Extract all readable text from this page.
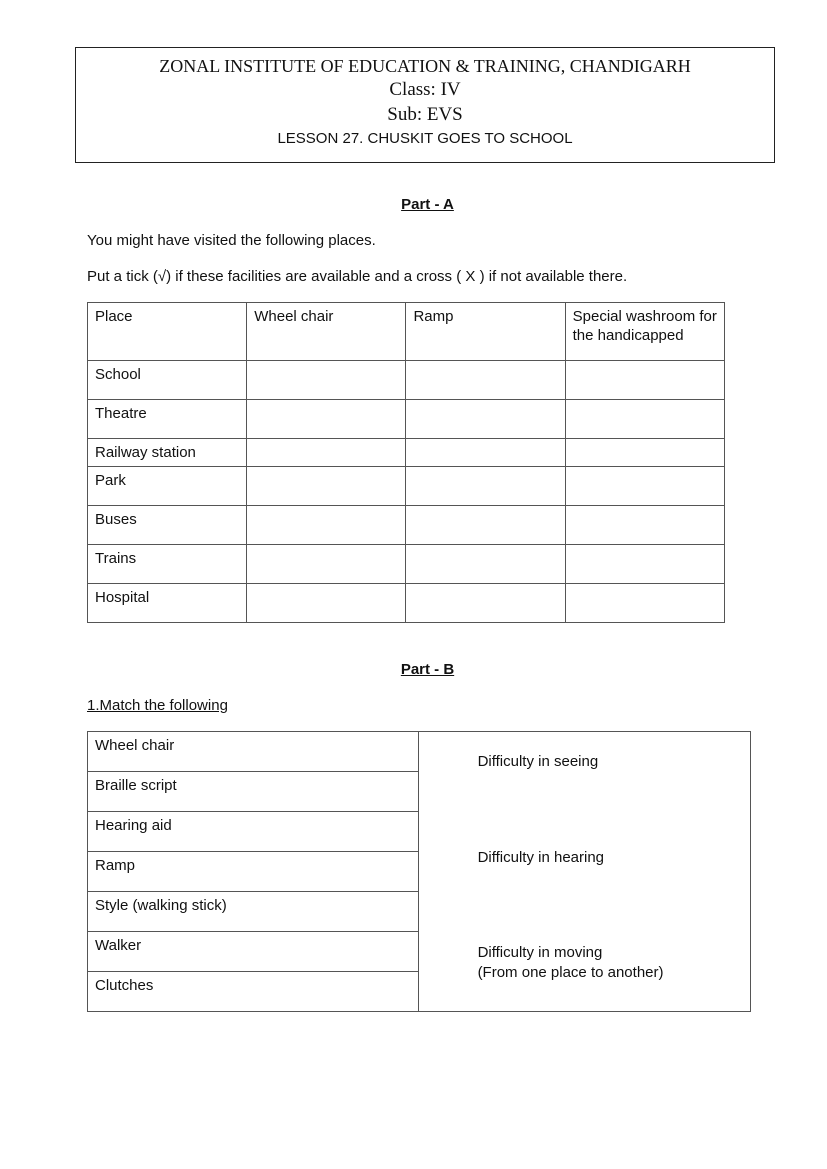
ZONAL INSTITUTE OF EDUCATION & TRAINING, CHANDIGARH
Class: IV
Sub: EVS
LESSON 27. CHUSKIT GOES TO SCHOOL
Part - A
You might have visited the following places.
Put a tick (√) if these facilities are available and a cross ( X ) if not available there.
Place	Wheel chair	Ramp	Special washroom for the handicapped
School			
Theatre			
Railway station			
Park			
Buses			
Trains			
Hospital			
Part - B
1.Match the following
Wheel chair	
Difficulty in seeing
Difficulty in hearing
Difficulty in moving
(From one place to another)

Braille script
Hearing aid
Ramp
Style (walking stick)
Walker
Clutches
